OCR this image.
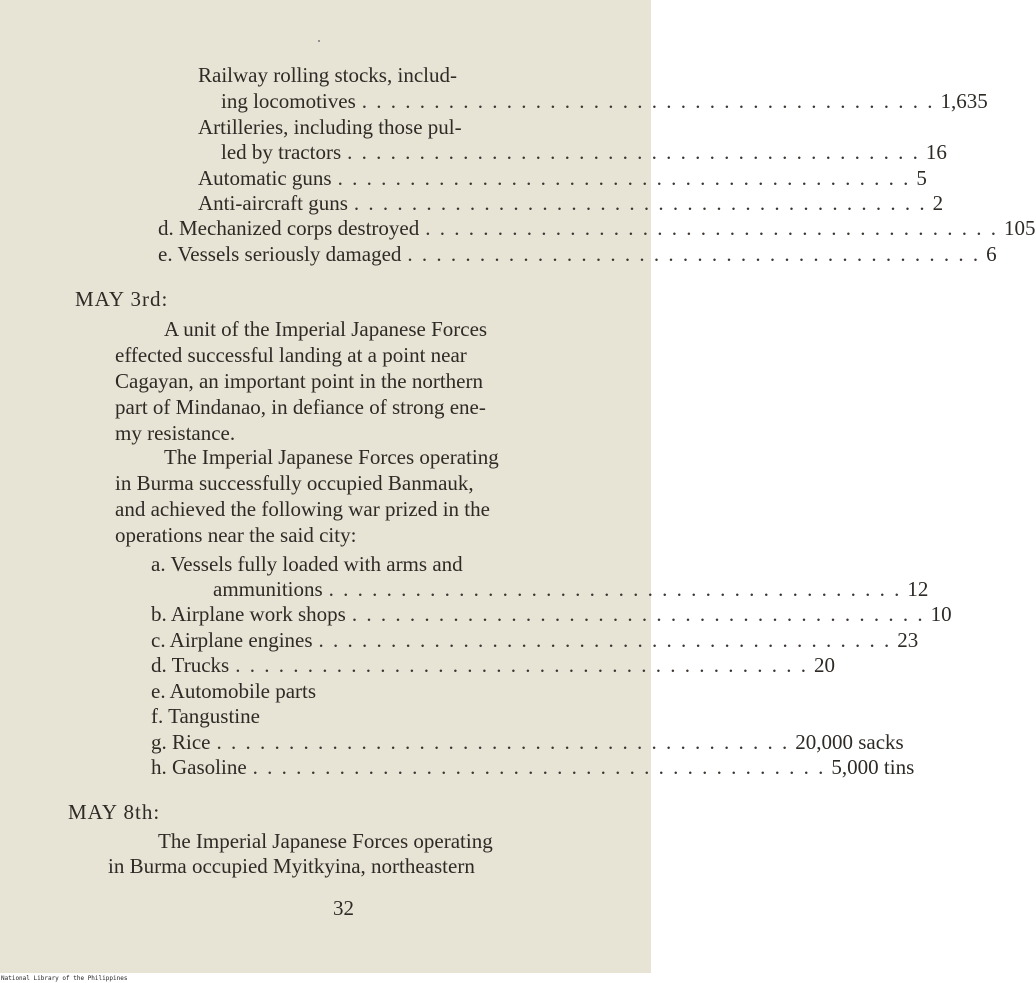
Railway rolling stocks, includ-
ing locomotives . . . . . . . . . . . . . . . . . . . . . . . . . . . . . . . . . . . . . . . . 1,635
Artilleries, including those pul-
led by tractors . . . . . . . . . . . . . . . . . . . . . . . . . . . . . . . . . . . . . . . . 16
Automatic guns . . . . . . . . . . . . . . . . . . . . . . . . . . . . . . . . . . . . . . . . 5
Anti-aircraft guns . . . . . . . . . . . . . . . . . . . . . . . . . . . . . . . . . . . . . . . . 2
d. Mechanized corps destroyed . . . . . . . . . . . . . . . . . . . . . . . . . . . . . . . . . . . . . . . . 105
e. Vessels seriously damaged . . . . . . . . . . . . . . . . . . . . . . . . . . . . . . . . . . . . . . . . 6
MAY 3rd:
A unit of the Imperial Japanese Forces
effected successful landing at a point near
Cagayan, an important point in the northern
part of Mindanao, in defiance of strong ene-
my resistance.
The Imperial Japanese Forces operating
in Burma successfully occupied Banmauk,
and achieved the following war prized in the
operations near the said city:
a. Vessels fully loaded with arms and
ammunitions . . . . . . . . . . . . . . . . . . . . . . . . . . . . . . . . . . . . . . . . 12
b. Airplane work shops . . . . . . . . . . . . . . . . . . . . . . . . . . . . . . . . . . . . . . . . 10
c. Airplane engines . . . . . . . . . . . . . . . . . . . . . . . . . . . . . . . . . . . . . . . . 23
d. Trucks . . . . . . . . . . . . . . . . . . . . . . . . . . . . . . . . . . . . . . . . 20
e. Automobile parts
f. Tangustine
g. Rice . . . . . . . . . . . . . . . . . . . . . . . . . . . . . . . . . . . . . . . . 20,000 sacks
h. Gasoline . . . . . . . . . . . . . . . . . . . . . . . . . . . . . . . . . . . . . . . . 5,000 tins
MAY 8th:
The Imperial Japanese Forces operating
in Burma occupied Myitkyina, northeastern
32
National Library of the Philippines
